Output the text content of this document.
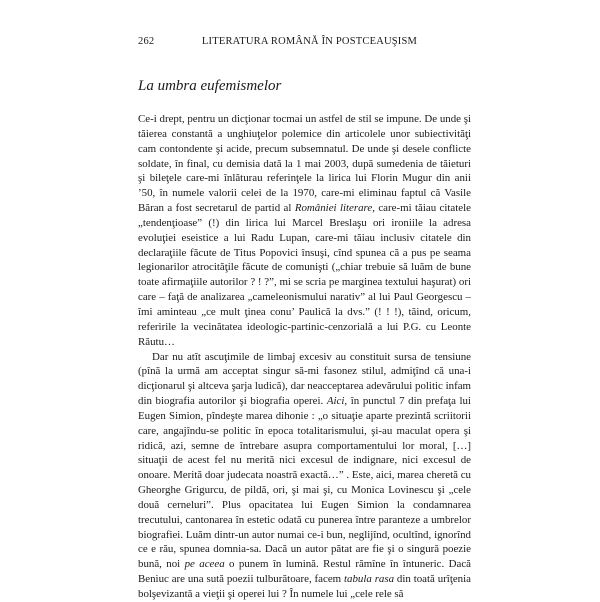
262	LITERATURA ROMÂNĂ ÎN POSTCEAUŞISM
La umbra eufemismelor

Ce-i drept, pentru un dicţionar tocmai un astfel de stil se impune. De unde şi tăierea constantă a unghiuţelor polemice din articolele unor subiectivităţi cam contondente şi acide, precum subsemnatul. De unde şi desele conflicte soldate, în final, cu demisia dată la 1 mai 2003, după sumedenia de tăieturi şi bileţele care-mi înlăturau referinţele la lirica lui Florin Mugur din anii ’50, în numele valorii celei de la 1970, care-mi eliminau faptul că Vasile Băran a fost secretarul de partid al României literare, care-mi tăiau citatele „tendenţioase” (!) din lirica lui Marcel Breslaşu ori ironiile la adresa evoluţiei eseistice a lui Radu Lupan, care-mi tăiau inclusiv citatele din declaraţiile făcute de Titus Popovici însuşi, cînd spunea că a pus pe seama legionarilor atrocităţile făcute de comunişti („chiar trebuie să luăm de bune toate afirmaţiile autorilor ? ! ?”, mi se scria pe marginea textului haşurat) ori care – faţă de analizarea „cameleonismului narativ” al lui Paul Georgescu – îmi aminteau „ce mult ţinea conu’ Paulică la dvs.” (! ! !), tăind, oricum, referirile la vecinătatea ideologic-partinic-cenzorială a lui P.G. cu Leonte Răutu…

Dar nu atît ascuţimile de limbaj excesiv au constituit sursa de tensiune (pînă la urmă am acceptat singur să-mi fasonez stilul, admiţînd că una-i dicţionarul şi altceva şarja ludică), dar neacceptarea adevărului politic infam din biografia autorilor şi biografia operei. Aici, în punctul 7 din prefaţa lui Eugen Simion, pîndeşte marea dihonie : „o situaţie aparte prezintă scriitorii care, angajîndu-se politic în epoca totalitarismului, şi-au maculat opera şi ridică, azi, semne de întrebare asupra comportamentului lor moral, […] situaţii de acest fel nu merită nici excesul de indignare, nici excesul de onoare. Merită doar judecata noastră exactă…” . Este, aici, marea cheretă cu Gheorghe Grigurcu, de pildă, ori, şi mai şi, cu Monica Lovinescu şi „cele două cerneluri”. Plus opacitatea lui Eugen Simion la condamnarea trecutului, cantonarea în estetic odată cu punerea între paranteze a umbrelor biografiei. Luăm dintr-un autor numai ce-i bun, neglijînd, ocultînd, ignorînd ce e rău, spunea domnia-sa. Dacă un autor pătat are fie şi o singură poezie bună, noi pe aceea o punem în lumină. Restul rămîne în întuneric. Dacă Beniuc are una sută poezii tulburătoare, facem tabula rasa din toată urîţenia bolşevizantă a vieţii şi operei lui ? În numele lui „cele rele să
